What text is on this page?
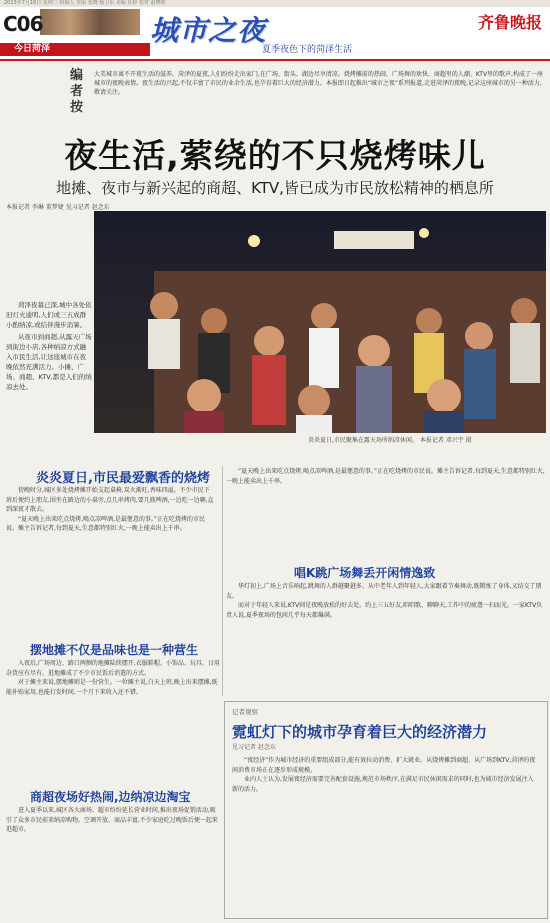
2013年7月16日 星期二 组稿人 李丽 张晓 杨卫东 美编 任婷 校对 赵晓明
C06
今日菏泽
城市之夜
夏季夜色下的菏泽生活
齐鲁晚报
编者按
大美城市离不开夜生活的滋养。菏泽的夏夜,人们纷纷走出家门,在广场、街头、湖边尽享清凉。烧烤摊前的热闹、广场舞的欢快、商超里的人潮、KTV里的歌声,构成了一座城市的夜晚表情。夜生活的兴起,不仅丰富了市民的业余生活,也孕育着巨大的经济潜力。本报即日起推出“城市之夜”系列报道,走进菏泽的夜晚,记录这座城市的另一种活力,敬请关注。
夜生活,萦绕的不只烧烤味儿
地摊、夜市与新兴起的商超、KTV,皆已成为市民放松精神的栖息所
本报记者 李琳 董梦婕 见习记者 赵念东
炎炎夏日,市民聚集在露天场所纳凉休闲。 本报记者 邓兴宇 摄

菏泽夜幕已深,城中各处依旧灯火通明,人们或三五成群小酌纳凉,或结伴漫步消暑。

从夜市到商超,从露天广场到街边小店,各种纳凉方式融入市民生活,让这座城市在夜晚依然充满活力。小摊、广场、商超、KTV,都是人们的纳凉去处。

炎炎夏日,市民最爱飘香的烧烤

傍晚时分,城区多处烧烤摊开始支起桌椅,炭火渐旺,香味四溢。不少市民下班后便约上朋友,围坐在路边的小桌旁,点几串烤肉,要几瓶啤酒,一边吃一边聊,直到深夜才散去。

“夏天晚上出来吃点烧烤,喝点凉啤酒,是最惬意的事。”正在吃烧烤的市民说。摊主告诉记者,每到夏天,生意都特别红火,一晚上能卖出上千串。

摆地摊不仅是品味也是一种营生

入夜后,广场周边、路口两侧的地摊陆续摆开,衣服鞋帽、小饰品、玩具、日用杂货应有尽有。逛地摊成了不少市民饭后消遣的方式。

对于摊主来说,摆地摊则是一份营生。一位摊主说,白天上班,晚上出来摆摊,既能补贴家用,也能打发时间,一个月下来收入还不错。

商超夜场好热闹,边纳凉边淘宝

进入夏季以来,城区各大商场、超市纷纷延长营业时间,推出夜场促销活动,吸引了众多市民前来纳凉购物。空调开放、商品丰富,不少家庭吃过晚饭后便一起来逛超市。

“夏天晚上出来吃点烧烤,喝点凉啤酒,是最惬意的事。”正在吃烧烤的市民说。摊主告诉记者,每到夏天,生意都特别红火,一晚上能卖出上千串。

唱K跳广场舞丢开闲情逸致

华灯初上,广场上音乐响起,跳舞的人群越聚越多。从中老年人到年轻人,大家跟着节奏舞动,既锻炼了身体,又结交了朋友。

而对于年轻人来说,KTV则是夜晚放松的好去处。约上三五好友,唱唱歌、聊聊天,工作中的疲惫一扫而光。一家KTV负责人说,夏季夜场的包间几乎每天都爆满。

记者观察
霓虹灯下的城市孕育着巨大的经济潜力
见习记者 赵念东

“夜经济”作为城市经济的重要组成部分,能有效拉动消费、扩大就业。从烧烤摊到商超、从广场到KTV,菏泽的夜间消费市场正在逐步形成规模。

业内人士认为,发展夜经济需要完善配套设施,规范市场秩序,在满足市民休闲需求的同时,也为城市经济发展注入新的活力。
